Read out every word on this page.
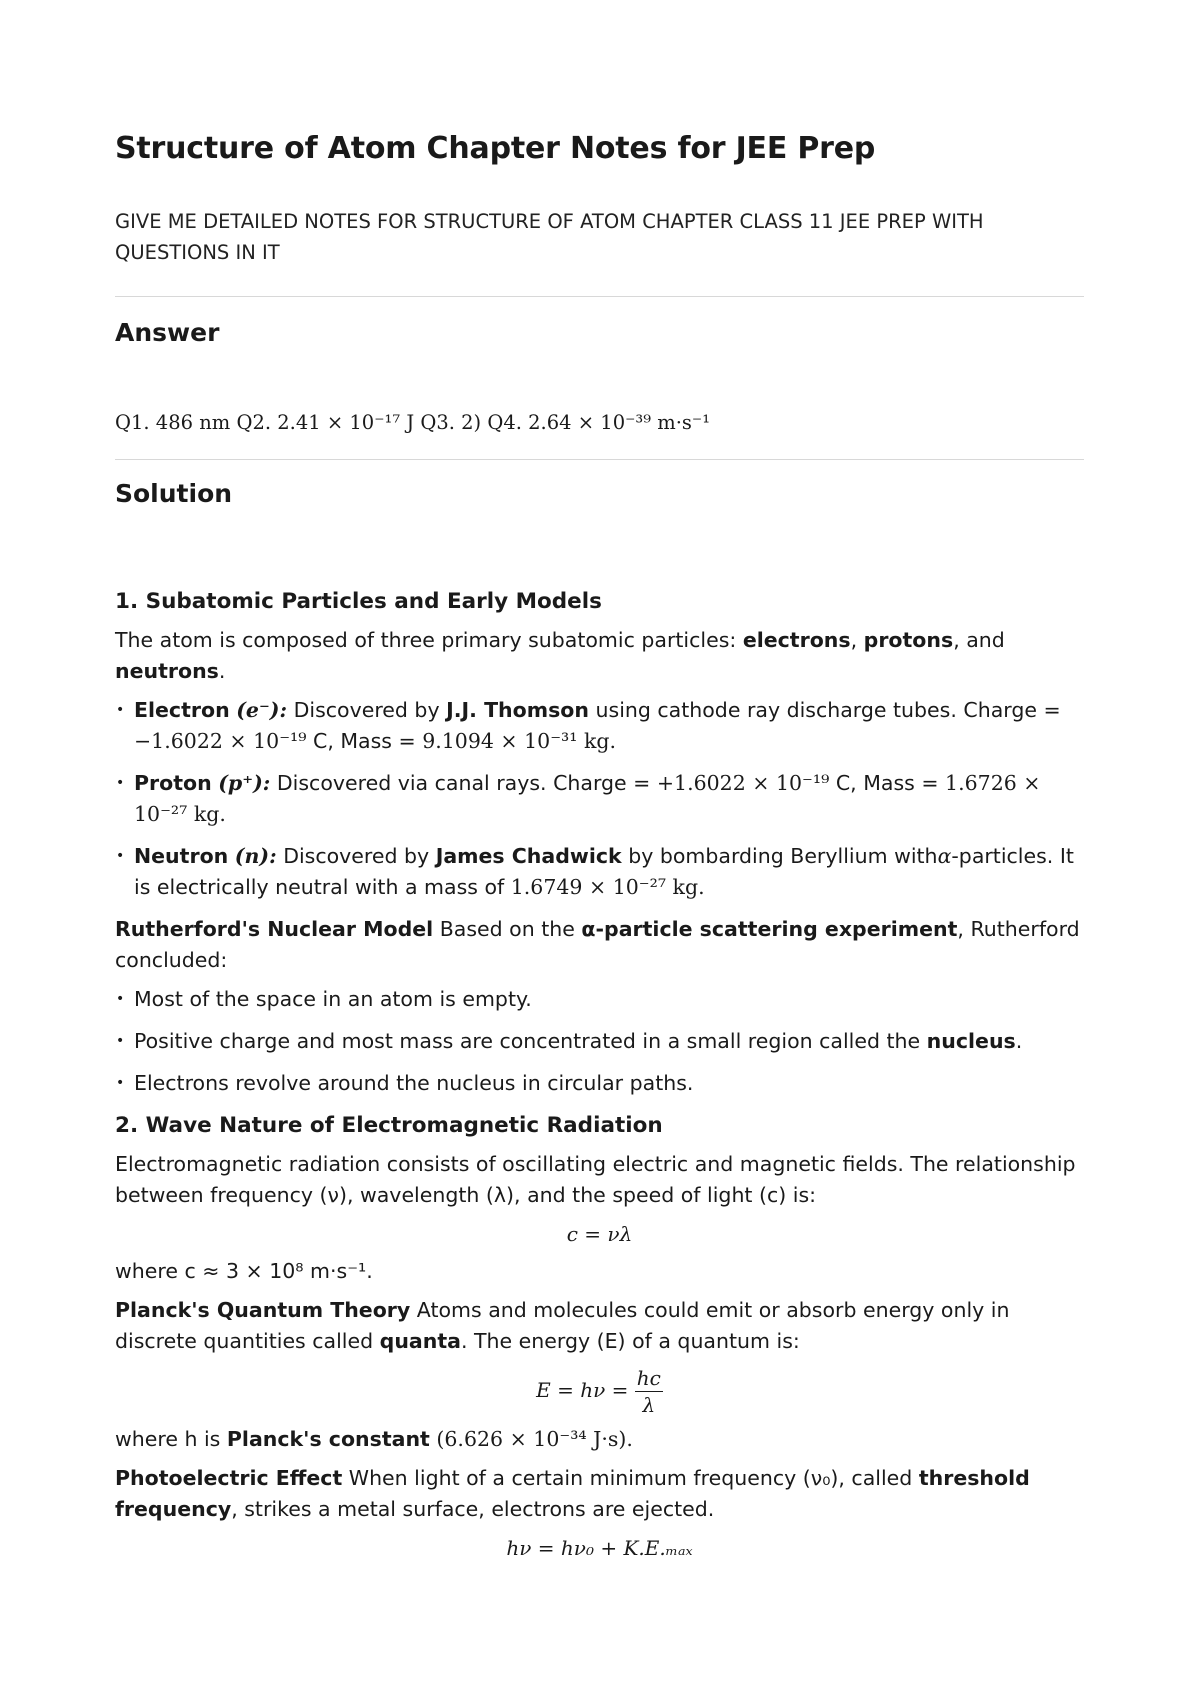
Structure of Atom Chapter Notes for JEE Prep
GIVE ME DETAILED NOTES FOR STRUCTURE OF ATOM CHAPTER CLASS 11 JEE PREP WITH QUESTIONS IN IT
Answer
Q1. 486 nm Q2. 2.41 × 10⁻¹⁷ J Q3. 2) Q4. 2.64 × 10⁻³⁹ m·s⁻¹
Solution
1. Subatomic Particles and Early Models

The atom is composed of three primary subatomic particles: electrons, protons, and neutrons.

• Electron (e⁻): Discovered by J.J. Thomson using cathode ray discharge tubes. Charge = −1.6022 × 10⁻¹⁹ C, Mass = 9.1094 × 10⁻³¹ kg.
• Proton (p⁺): Discovered via canal rays. Charge = +1.6022 × 10⁻¹⁹ C, Mass = 1.6726 × 10⁻²⁷ kg.
• Neutron (n): Discovered by James Chadwick by bombarding Beryllium withα-particles. It is electrically neutral with a mass of 1.6749 × 10⁻²⁷ kg.

Rutherford's Nuclear Model Based on the α-particle scattering experiment, Rutherford concluded:

• Most of the space in an atom is empty.
• Positive charge and most mass are concentrated in a small region called the nucleus.
• Electrons revolve around the nucleus in circular paths.
2. Wave Nature of Electromagnetic Radiation

Electromagnetic radiation consists of oscillating electric and magnetic fields. The relationship between frequency (ν), wavelength (λ), and the speed of light (c) is:

c = νλ

where c ≈ 3 × 10⁸ m·s⁻¹.

Planck's Quantum Theory Atoms and molecules could emit or absorb energy only in discrete quantities called quanta. The energy (E) of a quantum is:

$E = h\nu = \frac{hc}{\lambda}$

where h is Planck's constant (6.626 × 10⁻³⁴ J·s).

Photoelectric Effect When light of a certain minimum frequency (ν₀), called threshold frequency, strikes a metal surface, electrons are ejected.

hν = hν₀ + K.E.ₘₐₓ
